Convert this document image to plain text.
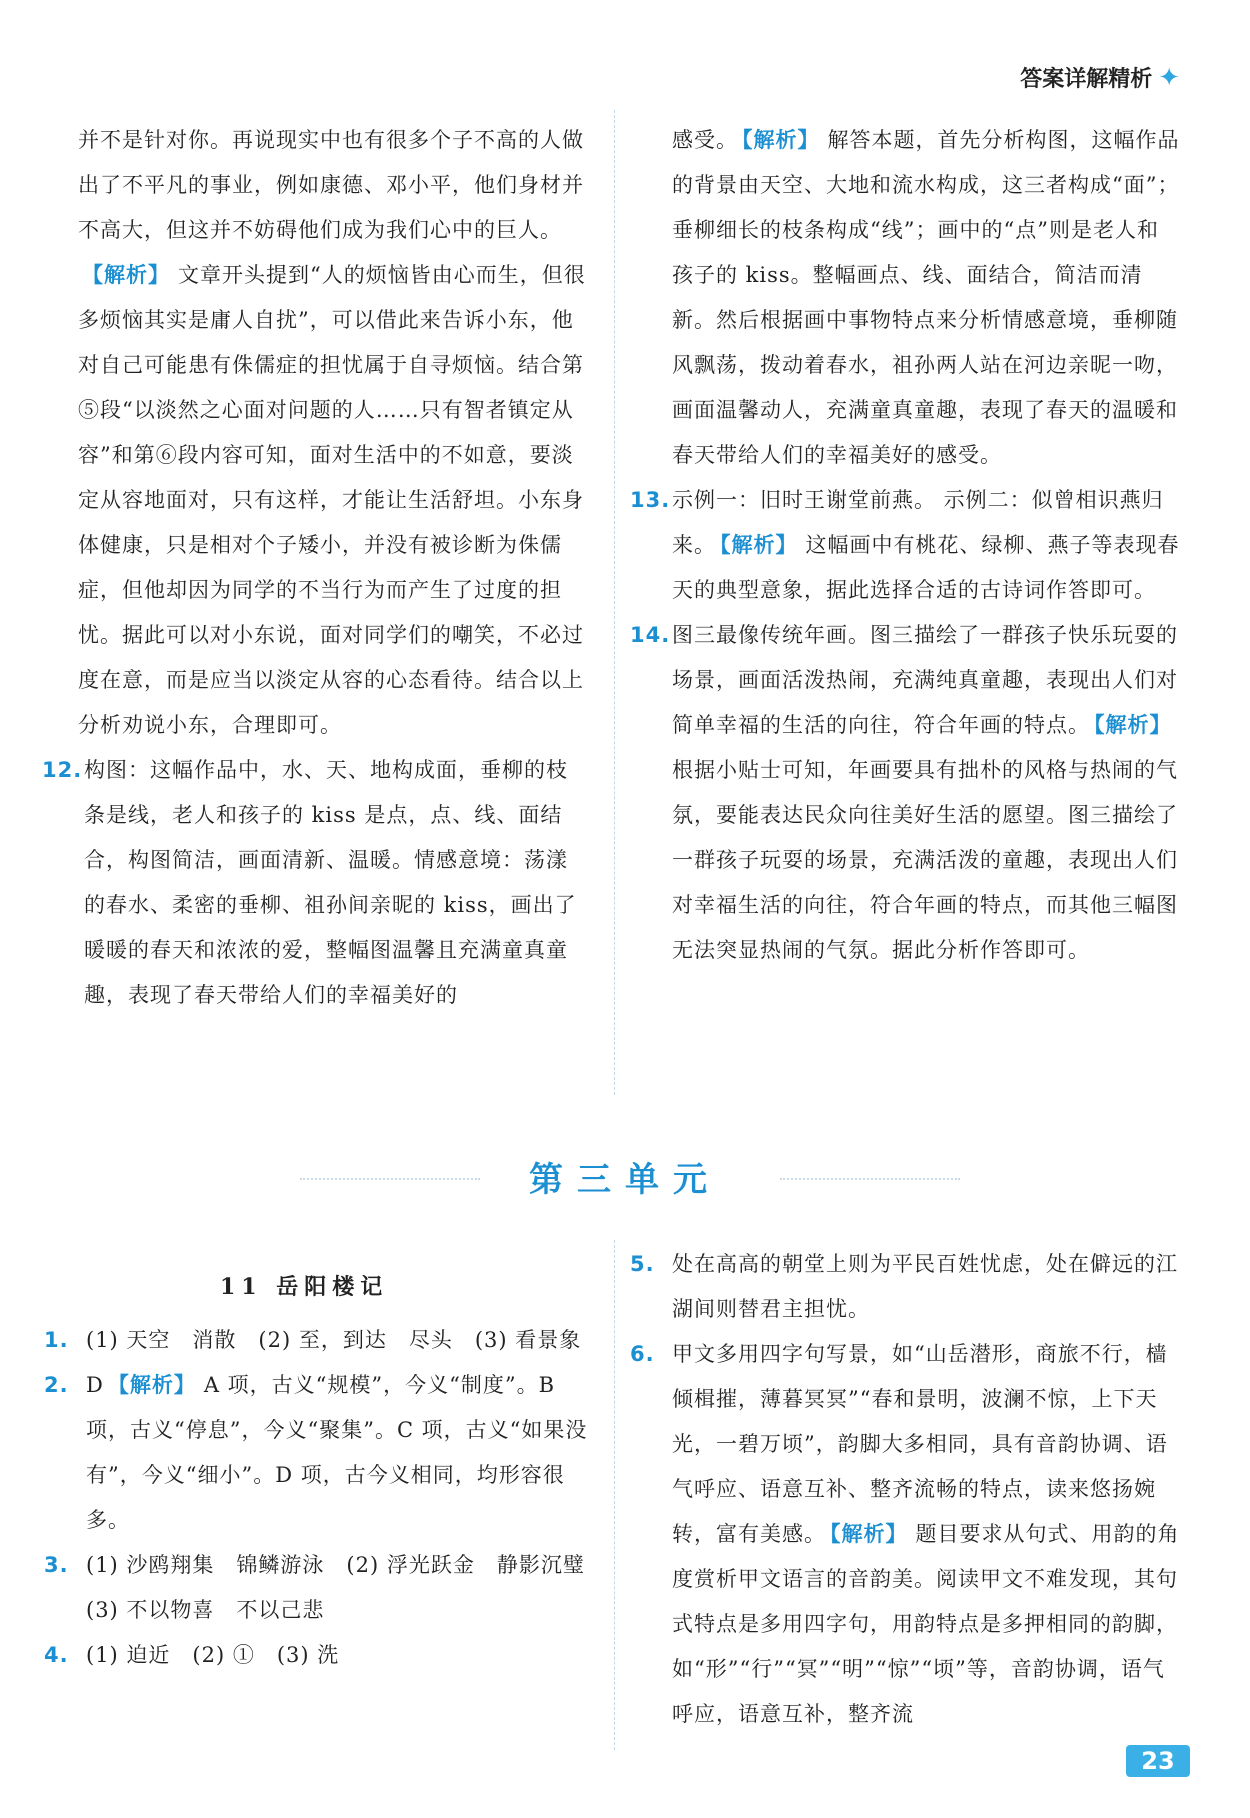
答案详解精析 ✦

并不是针对你。再说现实中也有很多个子不高的人做出了不平凡的事业，例如康德、邓小平，他们身材并不高大，但这并不妨碍他们成为我们心中的巨人。【解析】 文章开头提到“人的烦恼皆由心而生，但很多烦恼其实是庸人自扰”，可以借此来告诉小东，他对自己可能患有侏儒症的担忧属于自寻烦恼。结合第⑤段“以淡然之心面对问题的人……只有智者镇定从容”和第⑥段内容可知，面对生活中的不如意，要淡定从容地面对，只有这样，才能让生活舒坦。小东身体健康，只是相对个子矮小，并没有被诊断为侏儒症，但他却因为同学的不当行为而产生了过度的担忧。据此可以对小东说，面对同学们的嘲笑，不必过度在意，而是应当以淡定从容的心态看待。结合以上分析劝说小东，合理即可。

12. 构图：这幅作品中，水、天、地构成面，垂柳的枝条是线，老人和孩子的 kiss 是点，点、线、面结合，构图简洁，画面清新、温暖。情感意境：荡漾的春水、柔密的垂柳、祖孙间亲昵的 kiss，画出了暖暖的春天和浓浓的爱，整幅图温馨且充满童真童趣，表现了春天带给人们的幸福美好的

感受。 【解析】 解答本题，首先分析构图，这幅作品的背景由天空、大地和流水构成，这三者构成“面”；垂柳细长的枝条构成“线”；画中的“点”则是老人和孩子的 kiss。整幅画点、线、面结合，简洁而清新。然后根据画中事物特点来分析情感意境，垂柳随风飘荡，拨动着春水，祖孙两人站在河边亲昵一吻，画面温馨动人，充满童真童趣，表现了春天的温暖和春天带给人们的幸福美好的感受。

13. 示例一：旧时王谢堂前燕。 示例二：似曾相识燕归来。 【解析】 这幅画中有桃花、绿柳、燕子等表现春天的典型意象，据此选择合适的古诗词作答即可。

14. 图三最像传统年画。图三描绘了一群孩子快乐玩耍的场景，画面活泼热闹，充满纯真童趣，表现出人们对简单幸福的生活的向往，符合年画的特点。 【解析】根据小贴士可知，年画要具有拙朴的风格与热闹的气氛，要能表达民众向往美好生活的愿望。图三描绘了一群孩子玩耍的场景，充满活泼的童趣，表现出人们对幸福生活的向往，符合年画的特点，而其他三幅图无法突显热闹的气氛。据此分析作答即可。

第三单元
11 岳阳楼记

1. (1) 天空　消散　(2) 至，到达　尽头　(3) 看景象

2. D 【解析】 A 项，古义“规模”，今义“制度”。B 项，古义“停息”，今义“聚集”。C 项，古义“如果没有”，今义“细小”。D 项，古今义相同，均形容很多。

3. (1) 沙鸥翔集　锦鳞游泳　(2) 浮光跃金　静影沉璧　(3) 不以物喜　不以己悲

4. (1) 迫近　(2) ①　(3) 洗

5. 处在高高的朝堂上则为平民百姓忧虑，处在僻远的江湖间则替君主担忧。

6. 甲文多用四字句写景，如“山岳潜形，商旅不行，樯倾楫摧，薄暮冥冥”“春和景明，波澜不惊，上下天光，一碧万顷”，韵脚大多相同，具有音韵协调、语气呼应、语意互补、整齐流畅的特点，读来悠扬婉转，富有美感。 【解析】 题目要求从句式、用韵的角度赏析甲文语言的音韵美。阅读甲文不难发现，其句式特点是多用四字句，用韵特点是多押相同的韵脚，如“形”“行”“冥”“明”“惊”“顷”等，音韵协调，语气呼应，语意互补，整齐流

23
